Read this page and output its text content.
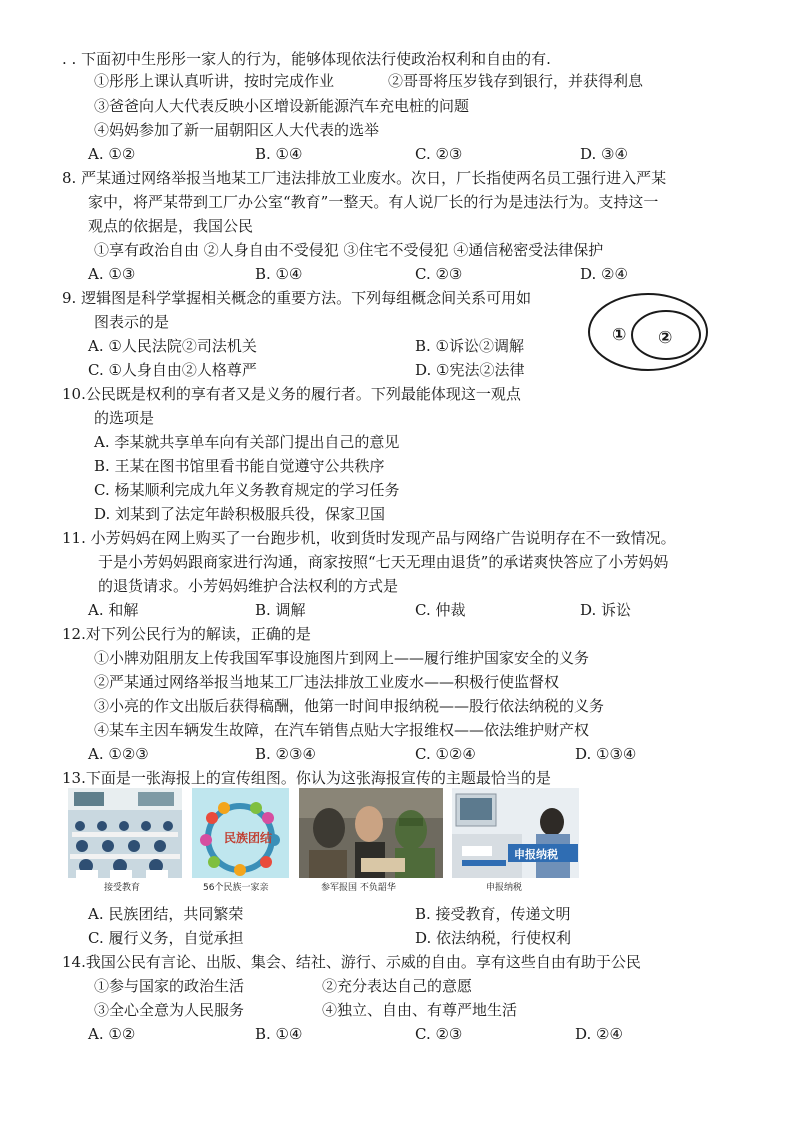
. . 下面初中生彤彤一家人的行为，能够体现依法行使政治权利和自由的有.
①彤彤上课认真听讲，按时完成作业	②哥哥将压岁钱存到银行，并获得利息
③爸爸向人大代表反映小区增设新能源汽车充电桩的问题
④妈妈参加了新一届朝阳区人大代表的选举
A. ①②	B. ①④	C. ②③	D. ③④
8. 严某通过网络举报当地某工厂违法排放工业废水。次日，厂长指使两名员工强行进入严某
家中，将严某带到工厂办公室“教育”一整天。有人说厂长的行为是违法行为。支持这一
观点的依据是，我国公民
①享有政治自由 ②人身自由不受侵犯 ③住宅不受侵犯 ④通信秘密受法律保护
A. ①③	B. ①④	C. ②③	D. ②④
9. 逻辑图是科学掌握相关概念的重要方法。下列每组概念间关系可用如
图表示的是
A. ①人民法院②司法机关	B. ①诉讼②调解
C. ①人身自由②人格尊严	D. ①宪法②法律
① ②
10.公民既是权利的享有者又是义务的履行者。下列最能体现这一观点
的选项是
A. 李某就共享单车向有关部门提出自己的意见
B. 王某在图书馆里看书能自觉遵守公共秩序
C. 杨某顺利完成九年义务教育规定的学习任务
D. 刘某到了法定年龄积极服兵役，保家卫国
11. 小芳妈妈在网上购买了一台跑步机，收到货时发现产品与网络广告说明存在不一致情况。
于是小芳妈妈跟商家进行沟通，商家按照“七天无理由退货”的承诺爽快答应了小芳妈妈
的退货请求。小芳妈妈维护合法权利的方式是
A. 和解	B. 调解	C. 仲裁	D. 诉讼
12.对下列公民行为的解读，正确的是
①小牌劝阻朋友上传我国军事设施图片到网上——履行维护国家安全的义务
②严某通过网络举报当地某工厂违法排放工业废水——积极行使监督权
③小亮的作文出版后获得稿酬，他第一时间申报纳税——股行依法纳税的义务
④某车主因车辆发生故障，在汽车销售点贴大字报维权——依法维护财产权
A. ①②③	B. ②③④	C. ①②④	D. ①③④
13.下面是一张海报上的宣传组图。你认为这张海报宣传的主题最恰当的是
民族团结
申报纳税
接受教育	56个民族一家亲	参军报国 不负韶华	申报纳税
A. 民族团结，共同繁荣	B. 接受教育，传递文明
C. 履行义务，自觉承担	D. 依法纳税，行使权利
14.我国公民有言论、出版、集会、结社、游行、示威的自由。享有这些自由有助于公民
①参与国家的政治生活	②充分表达自己的意愿
③全心全意为人民服务	④独立、自由、有尊严地生活
A. ①②	B. ①④	C. ②③	D. ②④
